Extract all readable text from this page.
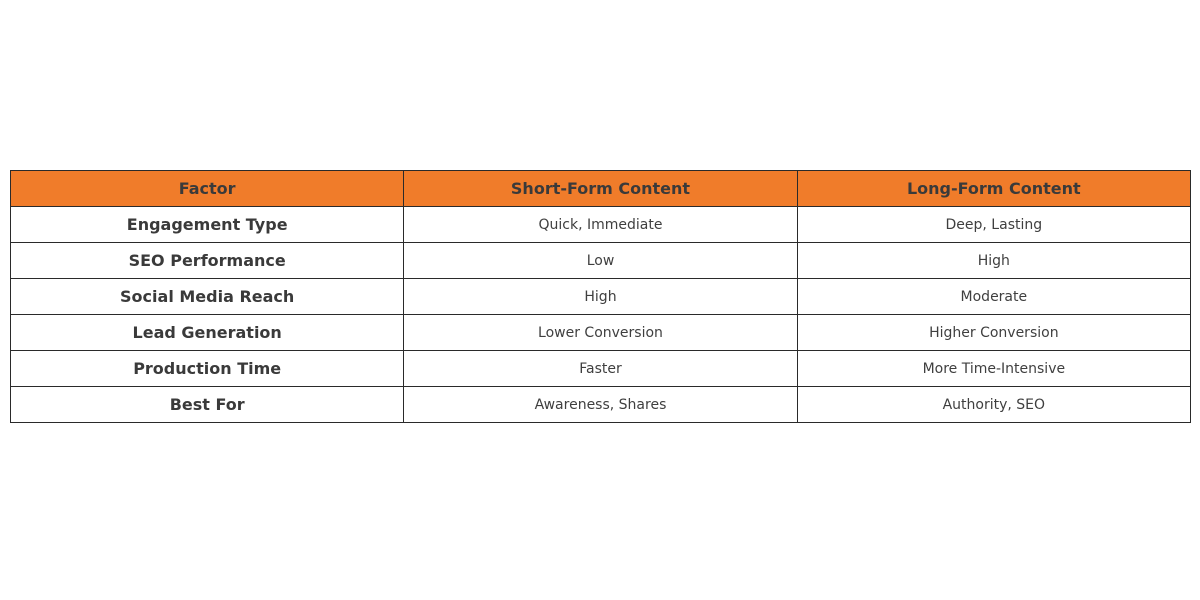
Factor	Short-Form Content	Long-Form Content
Engagement Type	Quick, Immediate	Deep, Lasting
SEO Performance	Low	High
Social Media Reach	High	Moderate
Lead Generation	Lower Conversion	Higher Conversion
Production Time	Faster	More Time-Intensive
Best For	Awareness, Shares	Authority, SEO
